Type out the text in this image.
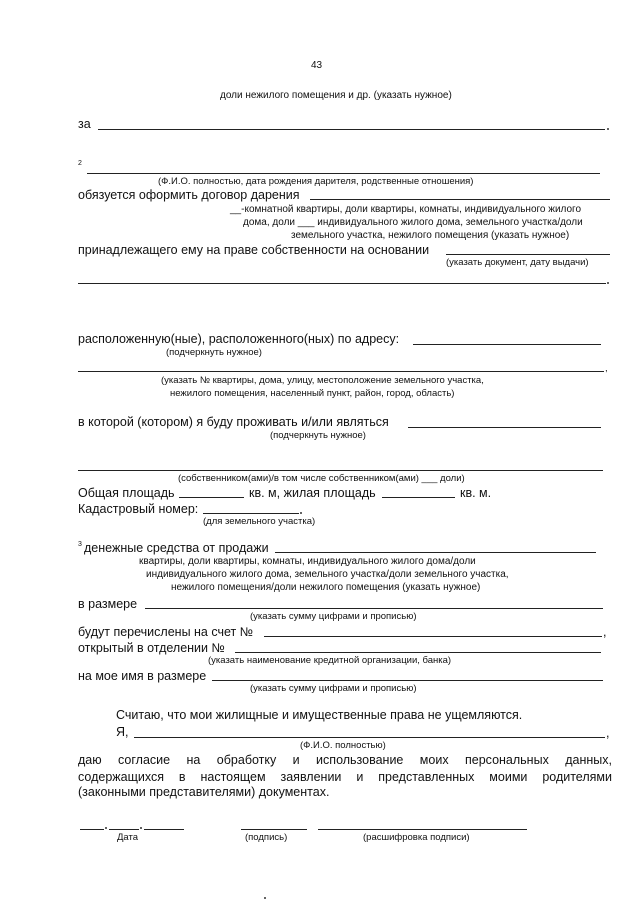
43
доли нежилого помещения и др. (указать нужное)
за
2
(Ф.И.О. полностью, дата рождения дарителя, родственные отношения)
обязуется оформить договор дарения
__-комнатной квартиры, доли квартиры, комнаты, индивидуального жилого
дома, доли ___ индивидуального жилого дома, земельного участка/доли
земельного участка, нежилого помещения (указать нужное)
принадлежащего ему на праве собственности на основании
(указать документ, дату выдачи)
расположенную(ные), расположенного(ных) по адресу:
(подчеркнуть нужное)
,
(указать № квартиры, дома, улицу, местоположение земельного участка,
нежилого помещения, населенный пункт, район, город, область)
в которой (котором) я буду проживать и/или являться
(подчеркнуть нужное)
(собственником(ами)/в том числе собственником(ами) ___ доли)
Общая площадь	кв. м, жилая площадь	кв. м.
Кадастровый номер:
(для земельного участка)
3 денежные средства от продажи
квартиры, доли квартиры, комнаты, индивидуального жилого дома/доли
индивидуального жилого дома, земельного участка/доли земельного участка,
нежилого помещения/доли нежилого помещения (указать нужное)
в размере
(указать сумму цифрами и прописью)
будут перечислены на счет №	,
открытый в отделении №
(указать наименование кредитной организации, банка)
на мое имя в размере
(указать сумму цифрами и прописью)
Считаю, что мои жилищные и имущественные права не ущемляются.
Я,	,
(Ф.И.О. полностью)
даю согласие на обработку и использование моих персональных данных,
содержащихся в настоящем заявлении и представленных моими родителями
(законными представителями) документах.
Дата	(подпись)	(расшифровка подписи)
